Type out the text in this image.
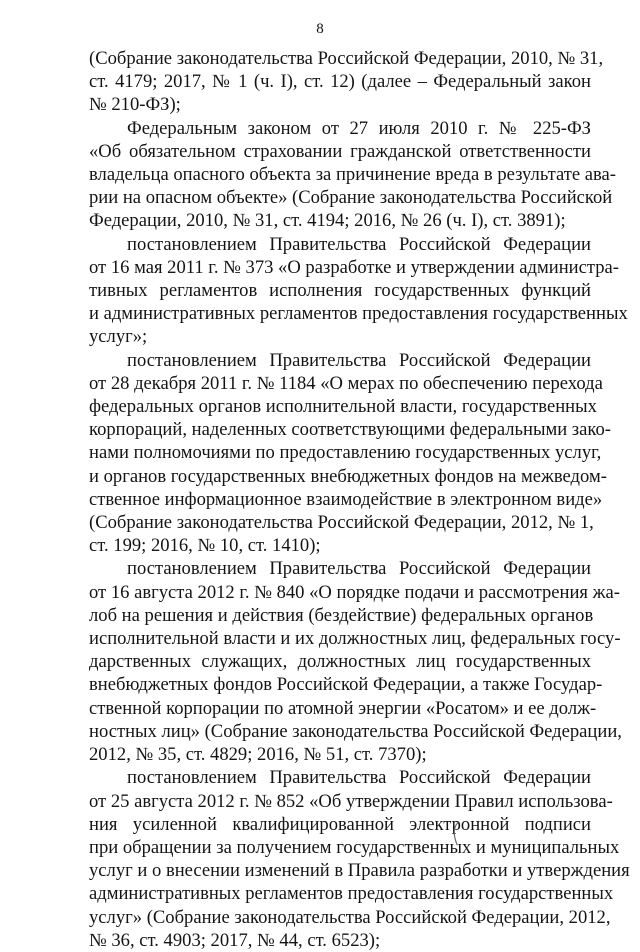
8

(Собрание законодательства Российской Федерации, 2010, № 31,
ст. 4179; 2017, № 1 (ч. I), ст. 12) (далее – Федеральный закон
№ 210-ФЗ);

Федеральным законом от 27 июля 2010 г. № 225-ФЗ
«Об обязательном страховании гражданской ответственности
владельца опасного объекта за причинение вреда в результате ава-
рии на опасном объекте» (Собрание законодательства Российской
Федерации, 2010, № 31, ст. 4194; 2016, № 26 (ч. I), ст. 3891);

постановлением Правительства Российской Федерации
от 16 мая 2011 г. № 373 «О разработке и утверждении администра-
тивных регламентов исполнения государственных функций
и административных регламентов предоставления государственных
услуг»;

постановлением Правительства Российской Федерации
от 28 декабря 2011 г. № 1184 «О мерах по обеспечению перехода
федеральных органов исполнительной власти, государственных
корпораций, наделенных соответствующими федеральными зако-
нами полномочиями по предоставлению государственных услуг,
и органов государственных внебюджетных фондов на межведом-
ственное информационное взаимодействие в электронном виде»
(Собрание законодательства Российской Федерации, 2012, № 1,
ст. 199; 2016, № 10, ст. 1410);

постановлением Правительства Российской Федерации
от 16 августа 2012 г. № 840 «О порядке подачи и рассмотрения жа-
лоб на решения и действия (бездействие) федеральных органов
исполнительной власти и их должностных лиц, федеральных госу-
дарственных служащих, должностных лиц государственных
внебюджетных фондов Российской Федерации, а также Государ-
ственной корпорации по атомной энергии «Росатом» и ее долж-
ностных лиц» (Собрание законодательства Российской Федерации,
2012, № 35, ст. 4829; 2016, № 51, ст. 7370);

постановлением Правительства Российской Федерации
от 25 августа 2012 г. № 852 «Об утверждении Правил использова-
ния усиленной квалифицированной электронной подписи
при обращении за получением государственных и муниципальных
услуг и о внесении изменений в Правила разработки и утверждения
административных регламентов предоставления государственных
услуг» (Собрание законодательства Российской Федерации, 2012,
№ 36, ст. 4903; 2017, № 44, ст. 6523);
